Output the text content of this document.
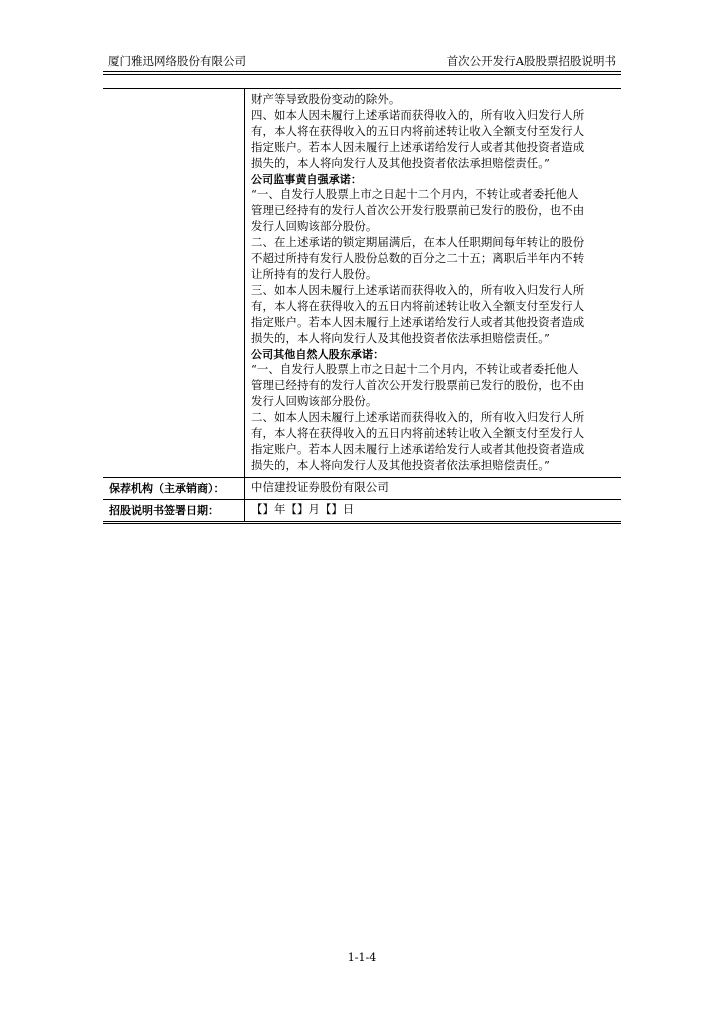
厦门雅迅网络股份有限公司	首次公开发行A股股票招股说明书
财产等导致股份变动的除外。
四、如本人因未履行上述承诺而获得收入的，所有收入归发行人所
有，本人将在获得收入的五日内将前述转让收入全额支付至发行人
指定账户。若本人因未履行上述承诺给发行人或者其他投资者造成
损失的，本人将向发行人及其他投资者依法承担赔偿责任。”
公司监事黄自强承诺：
“一、自发行人股票上市之日起十二个月内，不转让或者委托他人
管理已经持有的发行人首次公开发行股票前已发行的股份，也不由
发行人回购该部分股份。
二、在上述承诺的锁定期届满后，在本人任职期间每年转让的股份
不超过所持有发行人股份总数的百分之二十五；离职后半年内不转
让所持有的发行人股份。
三、如本人因未履行上述承诺而获得收入的，所有收入归发行人所
有，本人将在获得收入的五日内将前述转让收入全额支付至发行人
指定账户。若本人因未履行上述承诺给发行人或者其他投资者造成
损失的，本人将向发行人及其他投资者依法承担赔偿责任。”
公司其他自然人股东承诺：
“一、自发行人股票上市之日起十二个月内，不转让或者委托他人
管理已经持有的发行人首次公开发行股票前已发行的股份，也不由
发行人回购该部分股份。
二、如本人因未履行上述承诺而获得收入的，所有收入归发行人所
有，本人将在获得收入的五日内将前述转让收入全额支付至发行人
指定账户。若本人因未履行上述承诺给发行人或者其他投资者造成
损失的，本人将向发行人及其他投资者依法承担赔偿责任。”
保荐机构（主承销商）：	中信建投证券股份有限公司
招股说明书签署日期：	【】年【】月【】日
1-1-4
